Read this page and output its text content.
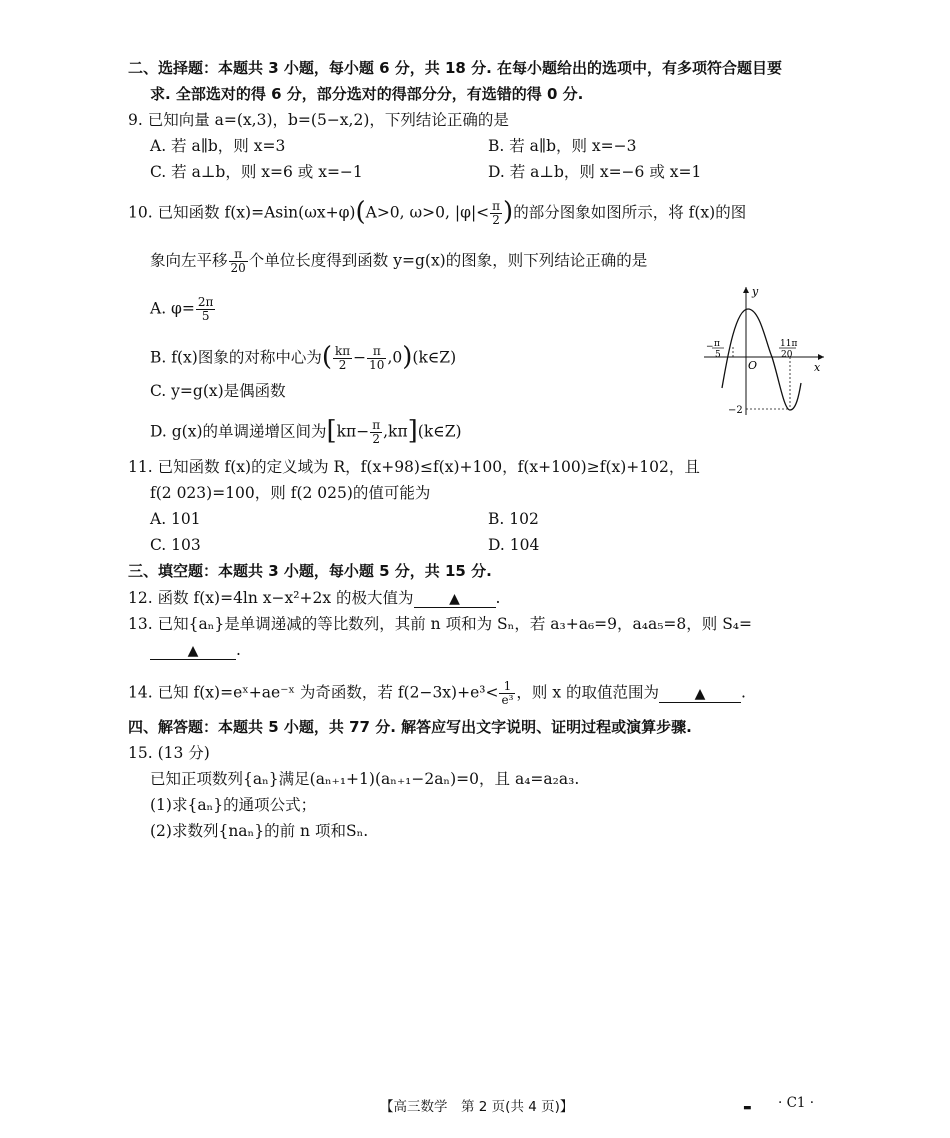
二、选择题：本题共 3 小题，每小题 6 分，共 18 分. 在每小题给出的选项中，有多项符合题目要
求. 全部选对的得 6 分，部分选对的得部分分，有选错的得 0 分.
9. 已知向量 a=(x,3)，b=(5−x,2)，下列结论正确的是
A. 若 a∥b，则 x=3	B. 若 a∥b，则 x=−3
C. 若 a⊥b，则 x=6 或 x=−1	D. 若 a⊥b，则 x=−6 或 x=1
10. 已知函数 f(x)=Asin(ωx+φ)(A>0, ω>0, $|\varphi|< \frac{\pi}{2}$ )的部分图象如图所示，将 f(x)的图
象向左平移 $\frac{\pi}{20}$ 个单位长度得到函数 y=g(x)的图象，则下列结论正确的是
A. $\varphi= \frac{2\pi}{5}$
B. f(x)图象的对称中心为( $\frac{k\pi}{2} - \frac{\pi}{10}$ ,0)(k∈Z)
C. y=g(x)是偶函数
D. g(x)的单调递增区间为[$k\pi- \frac{\pi}{2}$ ,kπ](k∈Z)
y
x
O
− π
5
11π
20
−2
11. 已知函数 f(x)的定义域为 R，f(x+98)≤f(x)+100，f(x+100)≥f(x)+102，且
f(2 023)=100，则 f(2 025)的值可能为
A. 101	B. 102
C. 103	D. 104
三、填空题：本题共 3 小题，每小题 5 分，共 15 分.
12. 函数 f(x)=4ln x−x²+2x 的极大值为	▲ .
13. 已知{aₙ}是单调递减的等比数列，其前 n 项和为 Sₙ，若 a₃+a₆=9，a₄a₅=8，则 S₄=
▲ .
14. 已知 f(x)=eˣ+ae⁻ˣ 为奇函数，若 $f(2-3x)+e^3< \frac{1}{\text{e³}}$ ，则 x 的取值范围为	▲ .
四、解答题：本题共 5 小题，共 77 分. 解答应写出文字说明、证明过程或演算步骤.
15. (13 分)
已知正项数列{aₙ}满足(aₙ₊₁+1)(aₙ₊₁−2aₙ)=0，且 a₄=a₂a₃.
(1)求{aₙ}的通项公式；
(2)求数列{naₙ}的前 n 项和Sₙ.
【高三数学　第 2 页(共 4 页)】	▬ · C1 ·
